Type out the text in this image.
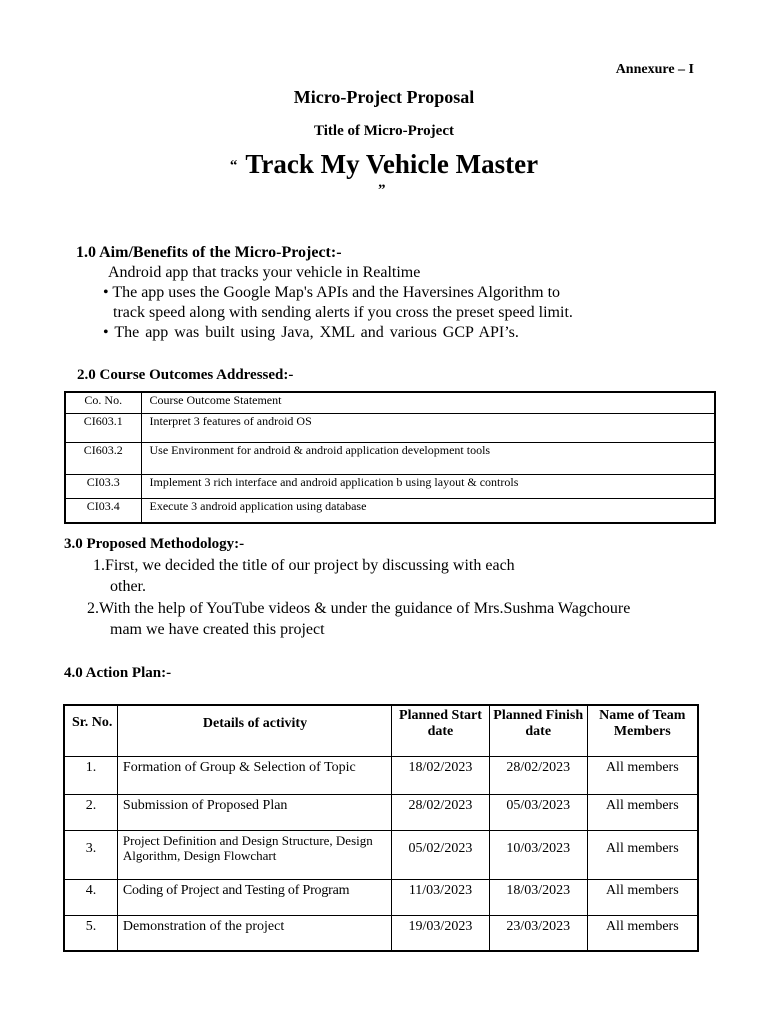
Annexure – I
Micro-Project Proposal
Title of Micro-Project
“ Track My Vehicle Master
”
1.0 Aim/Benefits of the Micro-Project:-
Android app that tracks your vehicle in Realtime
• The app uses the Google Map's APIs and the Haversines Algorithm to
track speed along with sending alerts if you cross the preset speed limit.
• The app was built using Java, XML and various GCP API’s.
2.0 Course Outcomes Addressed:-
Co. No.	Course Outcome Statement
CI603.1	Interpret 3 features of android OS
CI603.2	Use Environment for android & android application development tools
CI03.3	Implement 3 rich interface and android application b using layout & controls
CI03.4	Execute 3 android application using database
3.0 Proposed Methodology:-
1.First, we decided the title of our project by discussing with each
other.
2.With the help of YouTube videos & under the guidance of Mrs.Sushma Wagchoure
mam we have created this project
4.0 Action Plan:-
Sr. No.	Details of activity	Planned Start date	Planned Finish date	Name of Team Members
1.	Formation of Group & Selection of Topic	18/02/2023	28/02/2023	All members
2.	Submission of Proposed Plan	28/02/2023	05/03/2023	All members
3.	Project Definition and Design Structure, Design Algorithm, Design Flowchart	05/02/2023	10/03/2023	All members
4.	Coding of Project and Testing of Program	11/03/2023	18/03/2023	All members
5.	Demonstration of the project	19/03/2023	23/03/2023	All members
